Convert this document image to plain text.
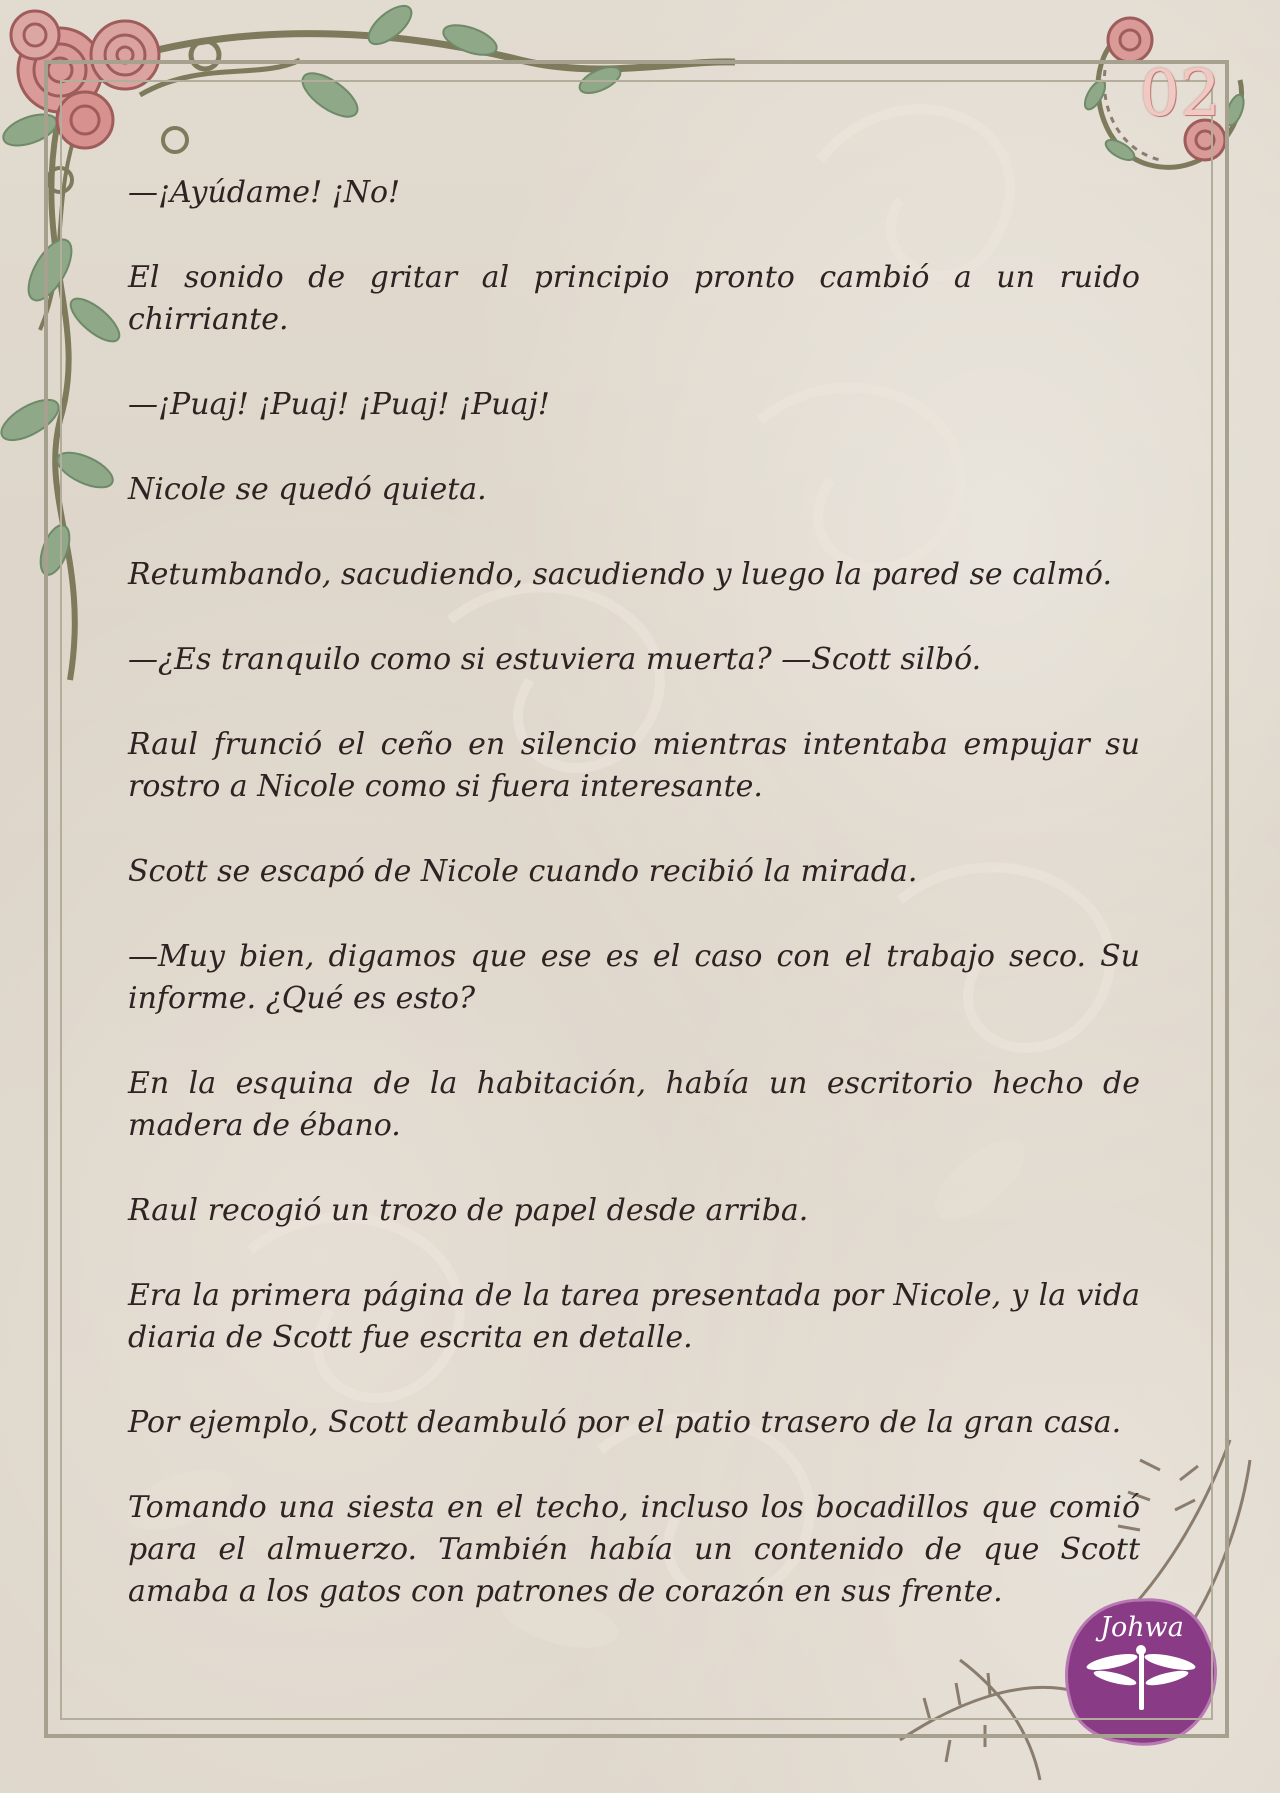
02

—¡Ayúdame! ¡No!

El sonido de gritar al principio pronto cambió a un ruido chirriante.

—¡Puaj! ¡Puaj! ¡Puaj! ¡Puaj!

Nicole se quedó quieta.

Retumbando, sacudiendo, sacudiendo y luego la pared se calmó.

—¿Es tranquilo como si estuviera muerta? —Scott silbó.

Raul frunció el ceño en silencio mientras intentaba empujar su rostro a Nicole como si fuera interesante.

Scott se escapó de Nicole cuando recibió la mirada.

—Muy bien, digamos que ese es el caso con el trabajo seco. Su informe. ¿Qué es esto?

En la esquina de la habitación, había un escritorio hecho de madera de ébano.

Raul recogió un trozo de papel desde arriba.

Era la primera página de la tarea presentada por Nicole, y la vida diaria de Scott fue escrita en detalle.

Por ejemplo, Scott deambuló por el patio trasero de la gran casa.

Tomando una siesta en el techo, incluso los bocadillos que comió para el almuerzo. También había un contenido de que Scott amaba a los gatos con patrones de corazón en sus frente.

Johwa
